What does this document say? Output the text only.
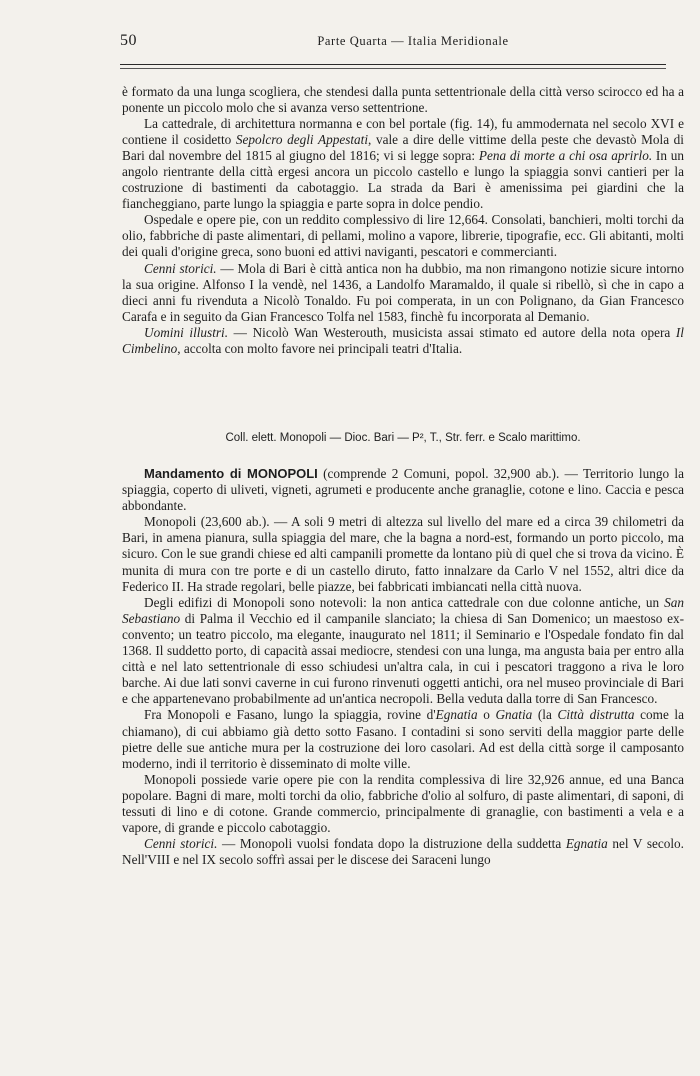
50	Parte Quarta — Italia Meridionale

è formato da una lunga scogliera, che stendesi dalla punta settentrionale della città verso scirocco ed ha a ponente un piccolo molo che si avanza verso settentrione.

La cattedrale, di architettura normanna e con bel portale (fig. 14), fu ammodernata nel secolo XVI e contiene il cosidetto Sepolcro degli Appestati, vale a dire delle vittime della peste che devastò Mola di Bari dal novembre del 1815 al giugno del 1816; vi si legge sopra: Pena di morte a chi osa aprirlo. In un angolo rientrante della città ergesi ancora un piccolo castello e lungo la spiaggia sonvi cantieri per la costruzione di bastimenti da cabotaggio. La strada da Bari è amenissima pei giardini che la fiancheggiano, parte lungo la spiaggia e parte sopra in dolce pendio.

Ospedale e opere pie, con un reddito complessivo di lire 12,664. Consolati, banchieri, molti torchi da olio, fabbriche di paste alimentari, di pellami, molino a vapore, librerie, tipografie, ecc. Gli abitanti, molti dei quali d'origine greca, sono buoni ed attivi naviganti, pescatori e commercianti.

Cenni storici. — Mola di Bari è città antica non ha dubbio, ma non rimangono notizie sicure intorno la sua origine. Alfonso I la vendè, nel 1436, a Landolfo Maramaldo, il quale si ribellò, sì che in capo a dieci anni fu rivenduta a Nicolò Tonaldo. Fu poi comperata, in un con Polignano, da Gian Francesco Carafa e in seguito da Gian Francesco Tolfa nel 1583, finchè fu incorporata al Demanio.

Uomini illustri. — Nicolò Wan Westerouth, musicista assai stimato ed autore della nota opera Il Cimbelino, accolta con molto favore nei principali teatri d'Italia.

Coll. elett. Monopoli — Dioc. Bari — P², T., Str. ferr. e Scalo marittimo.

Mandamento di MONOPOLI (comprende 2 Comuni, popol. 32,900 ab.). — Territorio lungo la spiaggia, coperto di uliveti, vigneti, agrumeti e producente anche granaglie, cotone e lino. Caccia e pesca abbondante.

Monopoli (23,600 ab.). — A soli 9 metri di altezza sul livello del mare ed a circa 39 chilometri da Bari, in amena pianura, sulla spiaggia del mare, che la bagna a nord-est, formando un porto piccolo, ma sicuro. Con le sue grandi chiese ed alti campanili promette da lontano più di quel che si trova da vicino. È munita di mura con tre porte e di un castello diruto, fatto innalzare da Carlo V nel 1552, altri dice da Federico II. Ha strade regolari, belle piazze, bei fabbricati imbiancati nella città nuova.

Degli edifizi di Monopoli sono notevoli: la non antica cattedrale con due colonne antiche, un San Sebastiano di Palma il Vecchio ed il campanile slanciato; la chiesa di San Domenico; un maestoso ex-convento; un teatro piccolo, ma elegante, inaugurato nel 1811; il Seminario e l'Ospedale fondato fin dal 1368. Il suddetto porto, di capacità assai mediocre, stendesi con una lunga, ma angusta baia per entro alla città e nel lato settentrionale di esso schiudesi un'altra cala, in cui i pescatori traggono a riva le loro barche. Ai due lati sonvi caverne in cui furono rinvenuti oggetti antichi, ora nel museo provinciale di Bari e che appartenevano probabilmente ad un'antica necropoli. Bella veduta dalla torre di San Francesco.

Fra Monopoli e Fasano, lungo la spiaggia, rovine d'Egnatia o Gnatia (la Città distrutta come la chiamano), di cui abbiamo già detto sotto Fasano. I contadini si sono serviti della maggior parte delle pietre delle sue antiche mura per la costruzione dei loro casolari. Ad est della città sorge il camposanto moderno, indi il territorio è disseminato di molte ville.

Monopoli possiede varie opere pie con la rendita complessiva di lire 32,926 annue, ed una Banca popolare. Bagni di mare, molti torchi da olio, fabbriche d'olio al solfuro, di paste alimentari, di saponi, di tessuti di lino e di cotone. Grande commercio, principalmente di granaglie, con bastimenti a vela e a vapore, di grande e piccolo cabotaggio.

Cenni storici. — Monopoli vuolsi fondata dopo la distruzione della suddetta Egnatia nel V secolo. Nell'VIII e nel IX secolo soffrì assai per le discese dei Saraceni lungo
